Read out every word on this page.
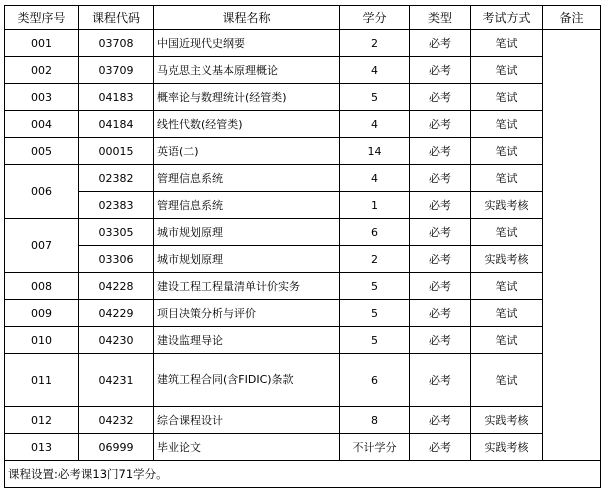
类型序号	课程代码	课程名称	学分	类型	考试方式	备注
001	03708	中国近现代史纲要	2	必考	笔试	
002	03709	马克思主义基本原理概论	4	必考	笔试	
003	04183	概率论与数理统计(经管类)	5	必考	笔试	
004	04184	线性代数(经管类)	4	必考	笔试	
005	00015	英语(二)	14	必考	笔试	
006	02382	管理信息系统	4	必考	笔试	
	02383	管理信息系统	1	必考	实践考核	
007	03305	城市规划原理	6	必考	笔试	
	03306	城市规划原理	2	必考	实践考核	
008	04228	建设工程工程量清单计价实务	5	必考	笔试	
009	04229	项目决策分析与评价	5	必考	笔试	
010	04230	建设监理导论	5	必考	笔试	
011	04231	建筑工程合同(含FIDIC)条款	6	必考	笔试	
012	04232	综合课程设计	8	必考	实践考核	
013	06999	毕业论文	不计学分	必考	实践考核	
课程设置:必考课13门71学分。						
